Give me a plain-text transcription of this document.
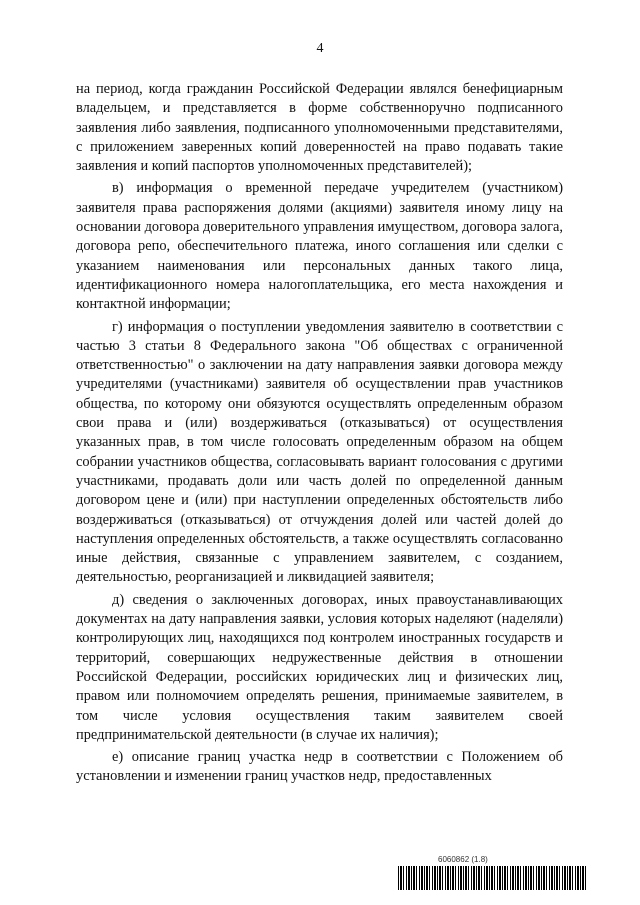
4

на период, когда гражданин Российской Федерации являлся бенефициарным владельцем, и представляется в форме собственноручно подписанного заявления либо заявления, подписанного уполномоченными представителями, с приложением заверенных копий доверенностей на право подавать такие заявления и копий паспортов уполномоченных представителей);

в) информация о временной передаче учредителем (участником) заявителя права распоряжения долями (акциями) заявителя иному лицу на основании договора доверительного управления имуществом, договора залога, договора репо, обеспечительного платежа, иного соглашения или сделки с указанием наименования или персональных данных такого лица, идентификационного номера налогоплательщика, его места нахождения и контактной информации;

г) информация о поступлении уведомления заявителю в соответствии с частью 3 статьи 8 Федерального закона "Об обществах с ограниченной ответственностью" о заключении на дату направления заявки договора между учредителями (участниками) заявителя об осуществлении прав участников общества, по которому они обязуются осуществлять определенным образом свои права и (или) воздерживаться (отказываться) от осуществления указанных прав, в том числе голосовать определенным образом на общем собрании участников общества, согласовывать вариант голосования с другими участниками, продавать доли или часть долей по определенной данным договором цене и (или) при наступлении определенных обстоятельств либо воздерживаться (отказываться) от отчуждения долей или частей долей до наступления определенных обстоятельств, а также осуществлять согласованно иные действия, связанные с управлением заявителем, с созданием, деятельностью, реорганизацией и ликвидацией заявителя;

д) сведения о заключенных договорах, иных правоустанавливающих документах на дату направления заявки, условия которых наделяют (наделяли) контролирующих лиц, находящихся под контролем иностранных государств и территорий, совершающих недружественные действия в отношении Российской Федерации, российских юридических лиц и физических лиц, правом или полномочием определять решения, принимаемые заявителем, в том числе условия осуществления таким заявителем своей предпринимательской деятельности (в случае их наличия);

е) описание границ участка недр в соответствии с Положением об установлении и изменении границ участков недр, предоставленных

6060862 (1.8)
